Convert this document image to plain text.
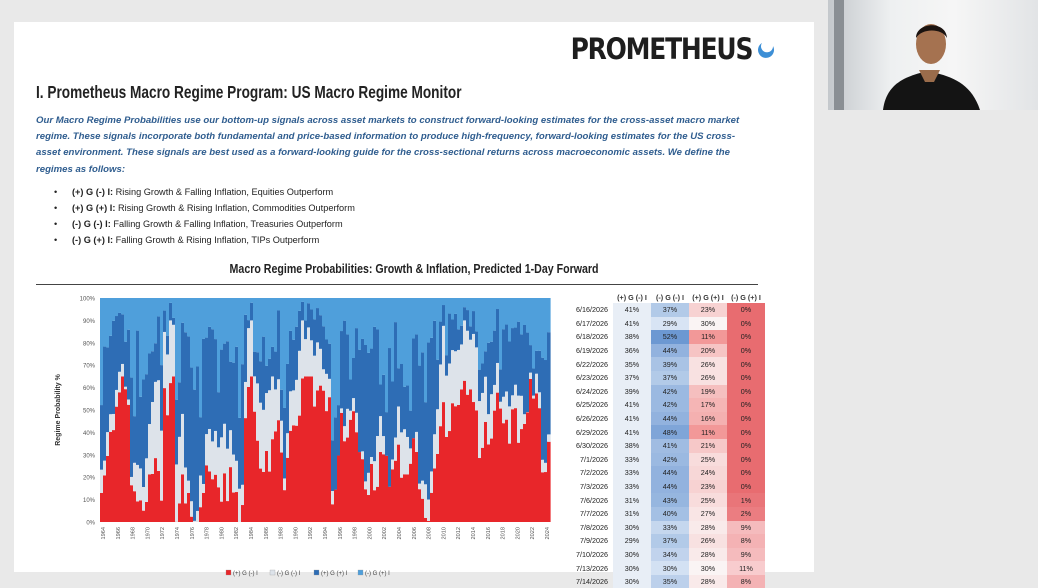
PROMETHEUS
I. Prometheus Macro Regime Program: US Macro Regime Monitor
Our Macro Regime Probabilities use our bottom-up signals across asset markets to construct forward-looking estimates for the cross-asset macro market regime. These signals incorporate both fundamental and price-based information to produce high-frequency, forward-looking estimates for the US cross-asset environment. These signals are best used as a forward-looking guide for the cross-sectional returns across macroeconomic assets. We define the regimes as follows:
• (+) G (-) I: Rising Growth & Falling Inflation, Equities Outperform
• (+) G (+) I: Rising Growth & Rising Inflation, Commodities Outperform
• (-) G (-) I: Falling Growth & Falling Inflation, Treasuries Outperform
• (-) G (+) I: Falling Growth & Rising Inflation, TIPs Outperform
Macro Regime Probabilities: Growth & Inflation, Predicted 1-Day Forward
0%
10%
20%
30%
40%
50%
60%
70%
80%
90%
100%
Regime Probability %
1964 1966 1968 1970 1972 1974 1976 1978 1980 1982 1984 1986 1988 1990 1992 1994 1996 1998 2000 2002 2004 2006 2008 2010 2012 2014 2016 2018 2020 2022 2024
(+) G (-) I	(-) G (-) I	(+) G (+) I	(-) G (+) I
	(+) G (-) I	(-) G (-) I	(+) G (+) I	(-) G (+) I
6/16/2026	41%	37%	23%	0%
6/17/2026	41%	29%	30%	0%
6/18/2026	38%	52%	11%	0%
6/19/2026	36%	44%	20%	0%
6/22/2026	35%	39%	26%	0%
6/23/2026	37%	37%	26%	0%
6/24/2026	39%	42%	19%	0%
6/25/2026	41%	42%	17%	0%
6/26/2026	41%	44%	16%	0%
6/29/2026	41%	48%	11%	0%
6/30/2026	38%	41%	21%	0%
7/1/2026	33%	42%	25%	0%
7/2/2026	33%	44%	24%	0%
7/3/2026	33%	44%	23%	0%
7/6/2026	31%	43%	25%	1%
7/7/2026	31%	40%	27%	2%
7/8/2026	30%	33%	28%	9%
7/9/2026	29%	37%	26%	8%
7/10/2026	30%	34%	28%	9%
7/13/2026	30%	30%	30%	11%
7/14/2026	30%	35%	28%	8%
